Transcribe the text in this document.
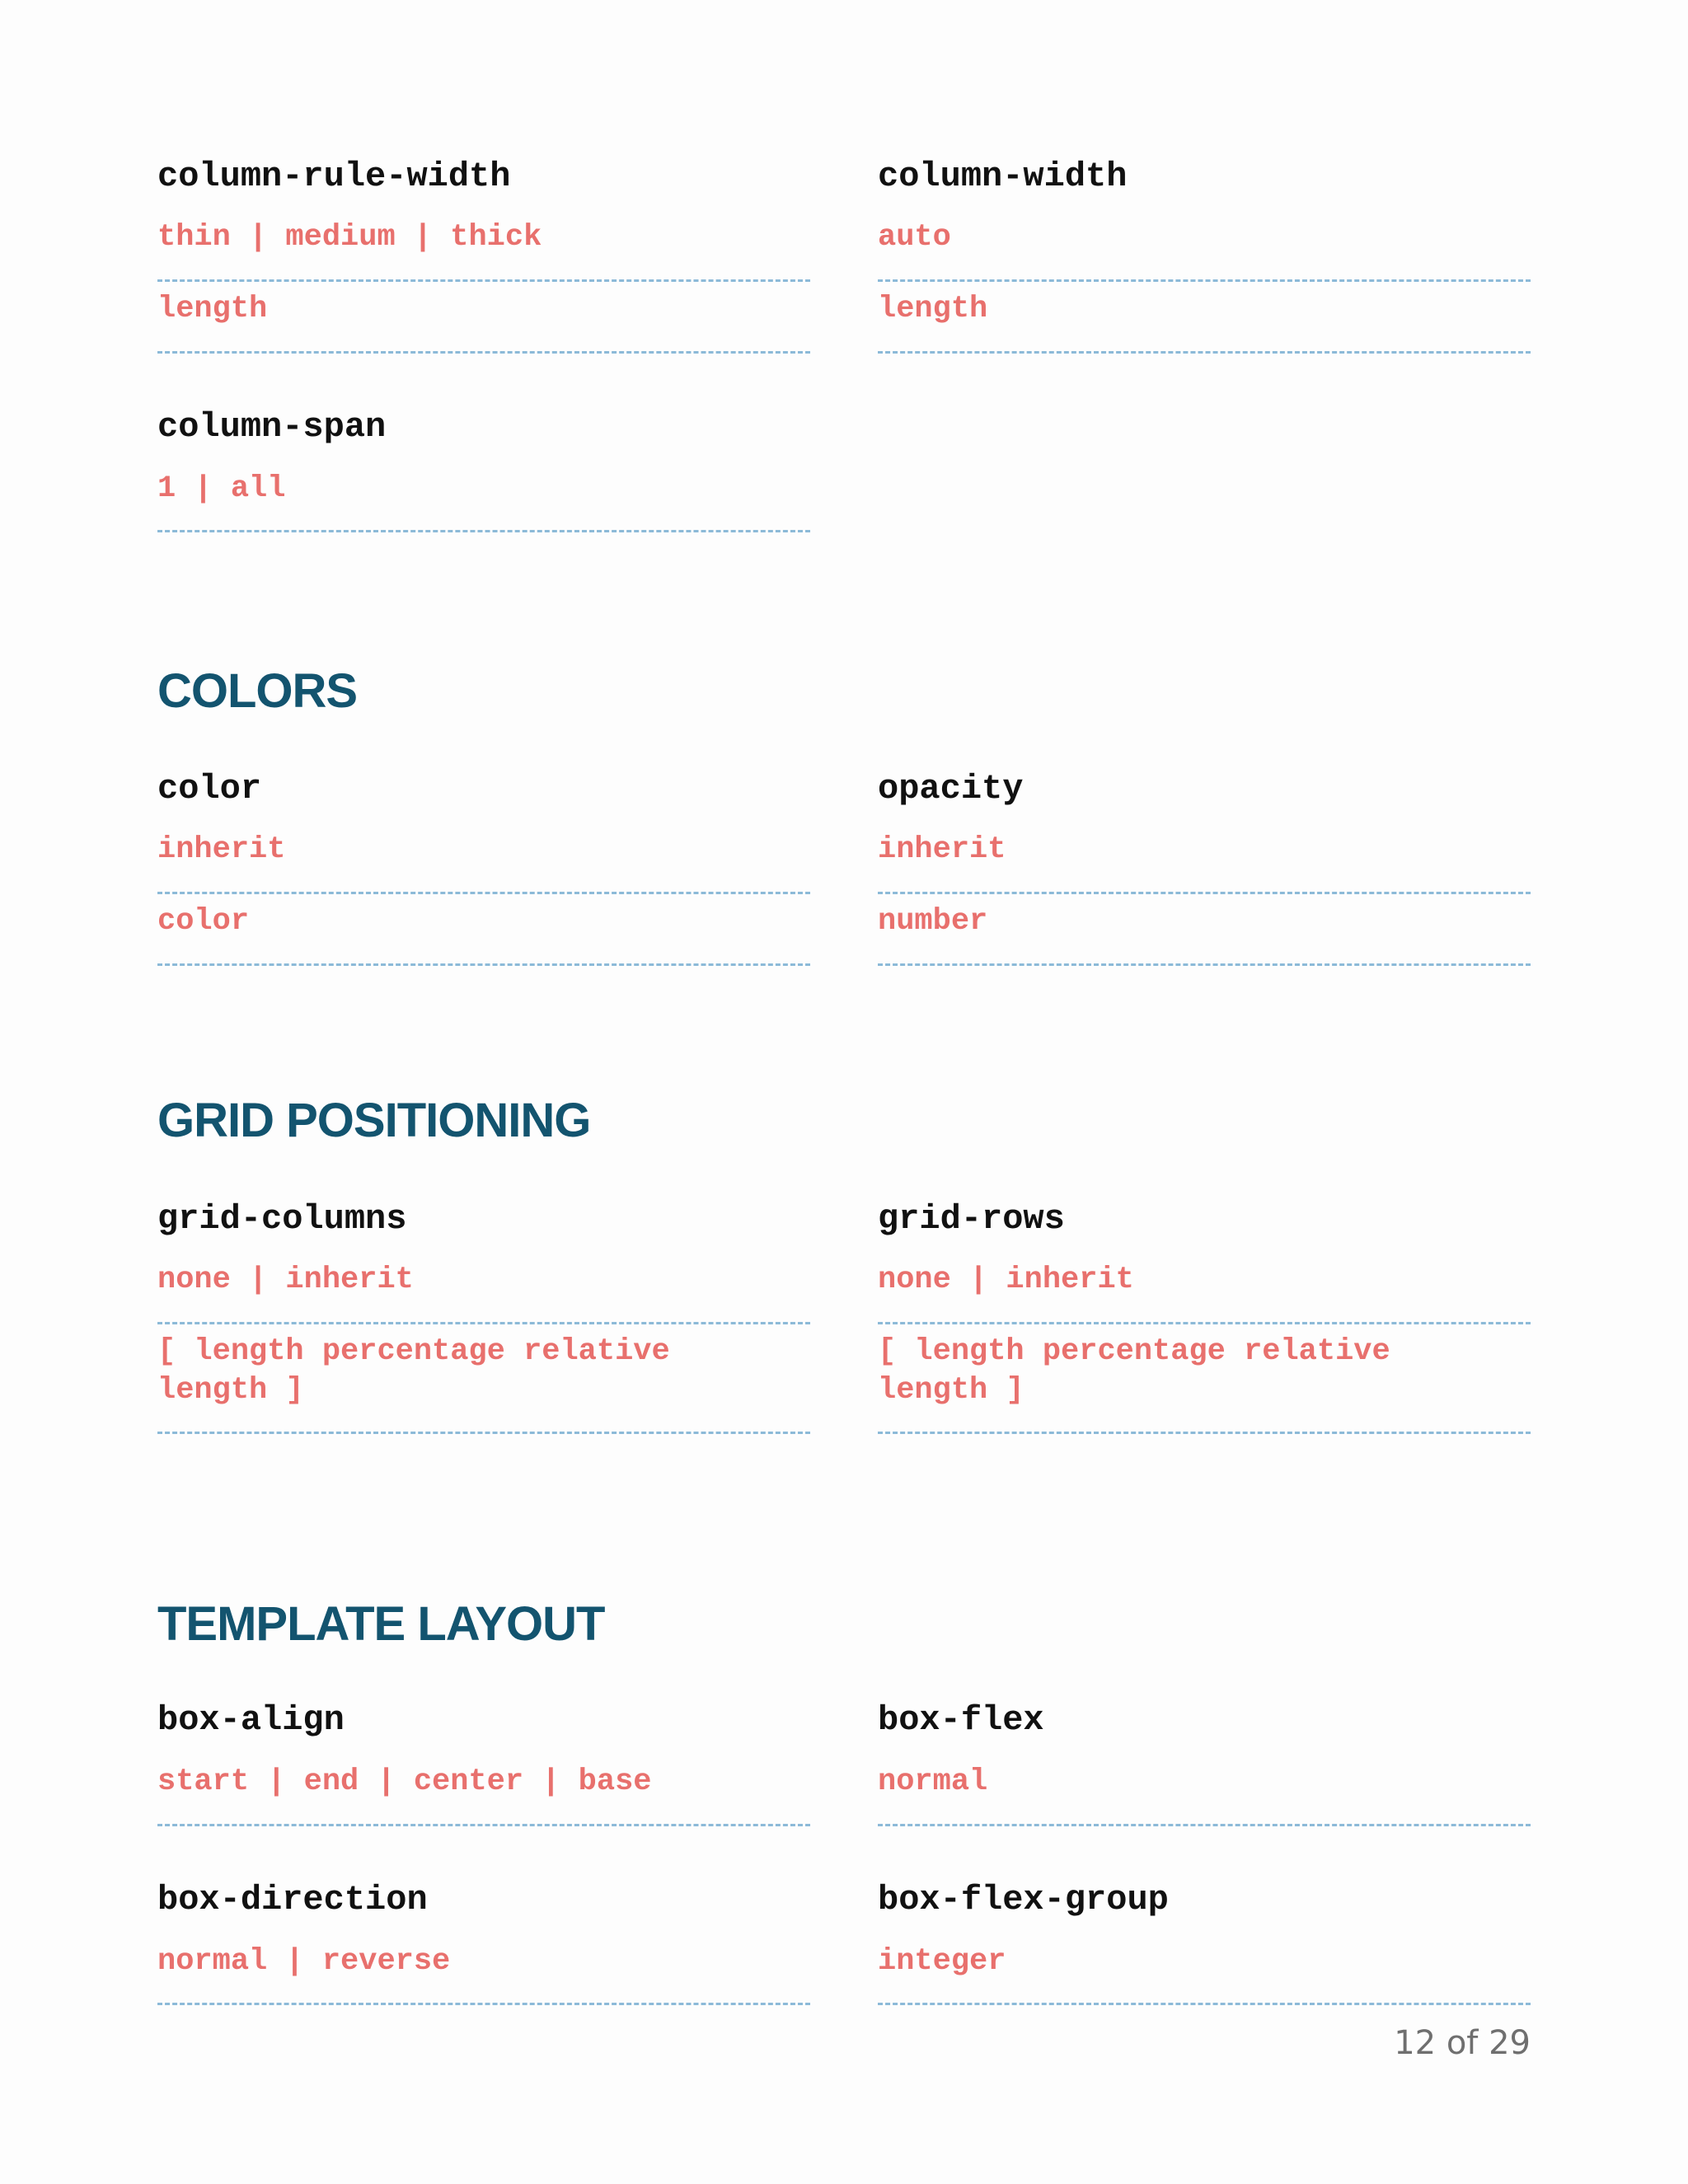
column-rule-width
thin | medium | thick
length
column-width
auto
length
column-span
1 | all
COLORS
color
inherit
color
opacity
inherit
number
GRID POSITIONING
grid-columns
none | inherit
[ length percentage relative length ]
grid-rows
none | inherit
[ length percentage relative length ]
TEMPLATE LAYOUT
box-align
start | end | center | base
box-flex
normal
box-direction
normal | reverse
box-flex-group
integer
12 of 29
